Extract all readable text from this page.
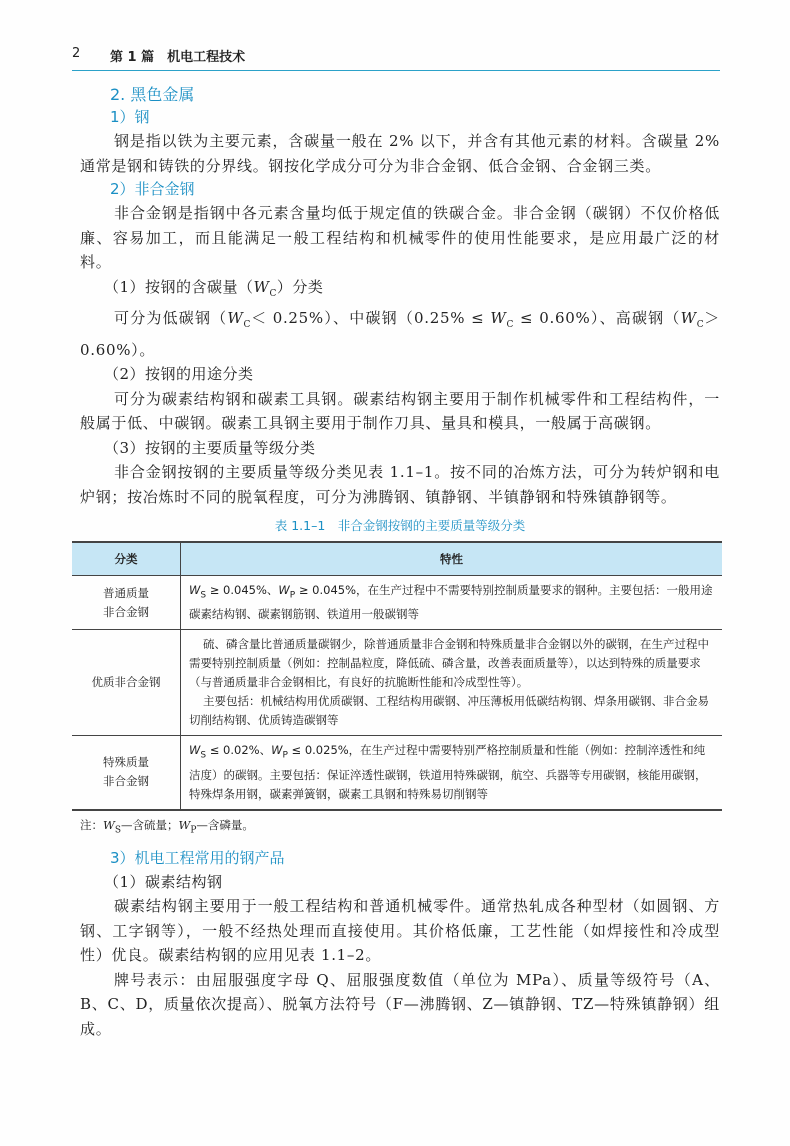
2 第 1 篇　机电工程技术
2. 黑色金属
1）钢

钢是指以铁为主要元素，含碳量一般在 2% 以下，并含有其他元素的材料。含碳量 2% 通常是钢和铸铁的分界线。钢按化学成分可分为非合金钢、低合金钢、合金钢三类。

2）非合金钢

非合金钢是指钢中各元素含量均低于规定值的铁碳合金。非合金钢（碳钢）不仅价格低廉、容易加工，而且能满足一般工程结构和机械零件的使用性能要求，是应用最广泛的材料。

（1）按钢的含碳量$(W_C)$分类

可分为低碳钢$(W_C< 0.25\%)$、中碳钢$(0.25\% \le W_C \le 0.60\%)$、高碳钢$(W_C> 0.60\%)$。

（2）按钢的用途分类

可分为碳素结构钢和碳素工具钢。碳素结构钢主要用于制作机械零件和工程结构件，一般属于低、中碳钢。碳素工具钢主要用于制作刀具、量具和模具，一般属于高碳钢。

（3）按钢的主要质量等级分类

非合金钢按钢的主要质量等级分类见表 1.1–1。按不同的冶炼方法，可分为转炉钢和电炉钢；按冶炼时不同的脱氧程度，可分为沸腾钢、镇静钢、半镇静钢和特殊镇静钢等。

表 1.1–1　非合金钢按钢的主要质量等级分类
分类	特性
普通质量
非合金钢	$W_S \ge 0.045\%$、$W_P \ge 0.045\%$，在生产过程中不需要特别控制质量要求的钢种。主要包括：一般用途碳素结构钢、碳素钢筋钢、铁道用一般碳钢等
优质非合金钢	硫、磷含量比普通质量碳钢少，除普通质量非合金钢和特殊质量非合金钢以外的碳钢，在生产过程中需要特别控制质量（例如：控制晶粒度，降低硫、磷含量，改善表面质量等），以达到特殊的质量要求（与普通质量非合金钢相比，有良好的抗脆断性能和冷成型性等）。
主要包括：机械结构用优质碳钢、工程结构用碳钢、冲压薄板用低碳结构钢、焊条用碳钢、非合金易切削结构钢、优质铸造碳钢等

特殊质量
非合金钢	$W_S \le 0.02\%$、$W_P \le 0.025\%$，在生产过程中需要特别严格控制质量和性能（例如：控制淬透性和纯洁度）的碳钢。主要包括：保证淬透性碳钢，铁道用特殊碳钢，航空、兵器等专用碳钢，核能用碳钢，特殊焊条用钢，碳素弹簧钢，碳素工具钢和特殊易切削钢等
注：$W_S—$含硫量；$W_P—$含磷量。
3）机电工程常用的钢产品

（1）碳素结构钢

碳素结构钢主要用于一般工程结构和普通机械零件。通常热轧成各种型材（如圆钢、方钢、工字钢等），一般不经热处理而直接使用。其价格低廉，工艺性能（如焊接性和冷成型性）优良。碳素结构钢的应用见表 1.1–2。

牌号表示：由屈服强度字母 Q、屈服强度数值（单位为 MPa）、质量等级符号（A、B、C、D，质量依次提高）、脱氧方法符号（F—沸腾钢、Z—镇静钢、TZ—特殊镇静钢）组成。
